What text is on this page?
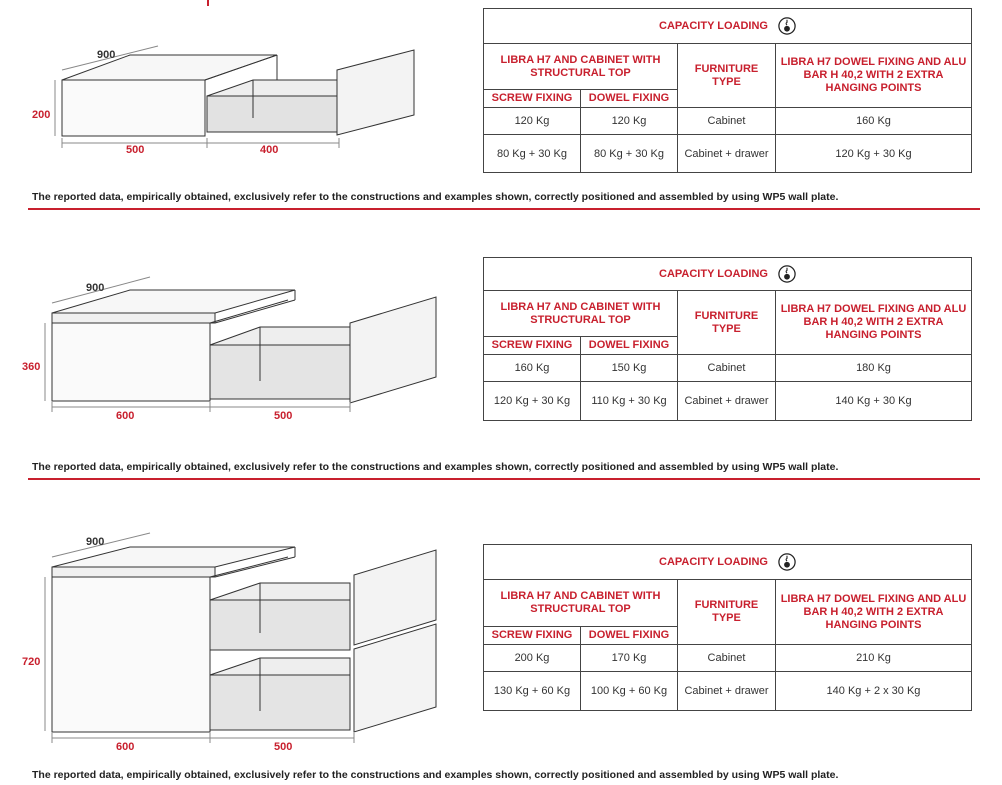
900
200
500	400
CAPACITY LOADING			

LIBRA H7 AND CABINET WITH STRUCTURAL TOP		FURNITURE TYPE	LIBRA H7 DOWEL FIXING AND ALU BAR H 40,2 WITH 2 EXTRA HANGING POINTS
SCREW FIXING	DOWEL FIXING		
120 Kg	120 Kg	Cabinet	160 Kg
80 Kg + 30 Kg	80 Kg + 30 Kg	Cabinet + drawer	120 Kg + 30 Kg
The reported data, empirically obtained, exclusively refer to the constructions and examples shown, correctly positioned and assembled by using WP5 wall plate.
900
360
600	500
CAPACITY LOADING			

LIBRA H7 AND CABINET WITH STRUCTURAL TOP		FURNITURE TYPE	LIBRA H7 DOWEL FIXING AND ALU BAR H 40,2 WITH 2 EXTRA HANGING POINTS
SCREW FIXING	DOWEL FIXING		
160 Kg	150 Kg	Cabinet	180 Kg
120 Kg + 30 Kg	110 Kg + 30 Kg	Cabinet + drawer	140 Kg + 30 Kg
The reported data, empirically obtained, exclusively refer to the constructions and examples shown, correctly positioned and assembled by using WP5 wall plate.
900
720
600	500
CAPACITY LOADING			

LIBRA H7 AND CABINET WITH STRUCTURAL TOP		FURNITURE TYPE	LIBRA H7 DOWEL FIXING AND ALU BAR H 40,2 WITH 2 EXTRA HANGING POINTS
SCREW FIXING	DOWEL FIXING		
200 Kg	170 Kg	Cabinet	210 Kg
130 Kg + 60 Kg	100 Kg + 60 Kg	Cabinet + drawer	140 Kg + 2 x 30 Kg
The reported data, empirically obtained, exclusively refer to the constructions and examples shown, correctly positioned and assembled by using WP5 wall plate.
